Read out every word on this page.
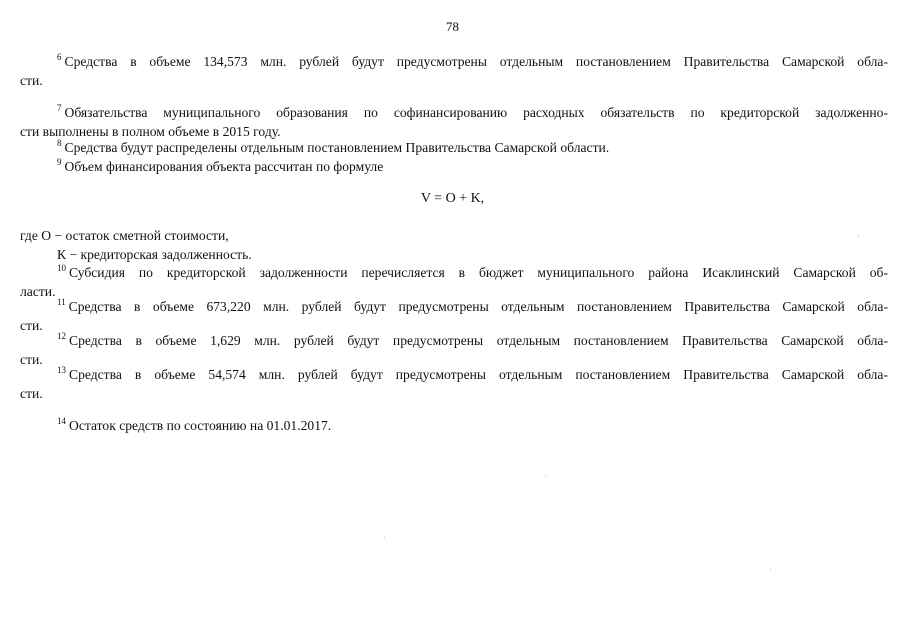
78
$^6$ Средства в объеме 134,573 млн. рублей будут предусмотрены отдельным постановлением Правительства Самарской обла-
сти.
$^7$ Обязательства муниципального образования по софинансированию расходных обязательств по кредиторской задолженно-
сти выполнены в полном объеме в 2015 году.
$^8$ Средства будут распределены отдельным постановлением Правительства Самарской области.
$^9$ Объем финансирования объекта рассчитан по формуле
V = O + K,
где О − остаток сметной стоимости,
К − кредиторская задолженность.
$^{10}$ Субсидия по кредиторской задолженности перечисляется в бюджет муниципального района Исаклинский Самарской об-
ласти.
$^{11}$ Средства в объеме 673,220 млн. рублей будут предусмотрены отдельным постановлением Правительства Самарской обла-
сти.
$^{12}$ Средства в объеме 1,629 млн. рублей будут предусмотрены отдельным постановлением Правительства Самарской обла-
сти.
$^{13}$ Средства в объеме 54,574 млн. рублей будут предусмотрены отдельным постановлением Правительства Самарской обла-
сти.
$^{14}$ Остаток средств по состоянию на 01.01.2017.
